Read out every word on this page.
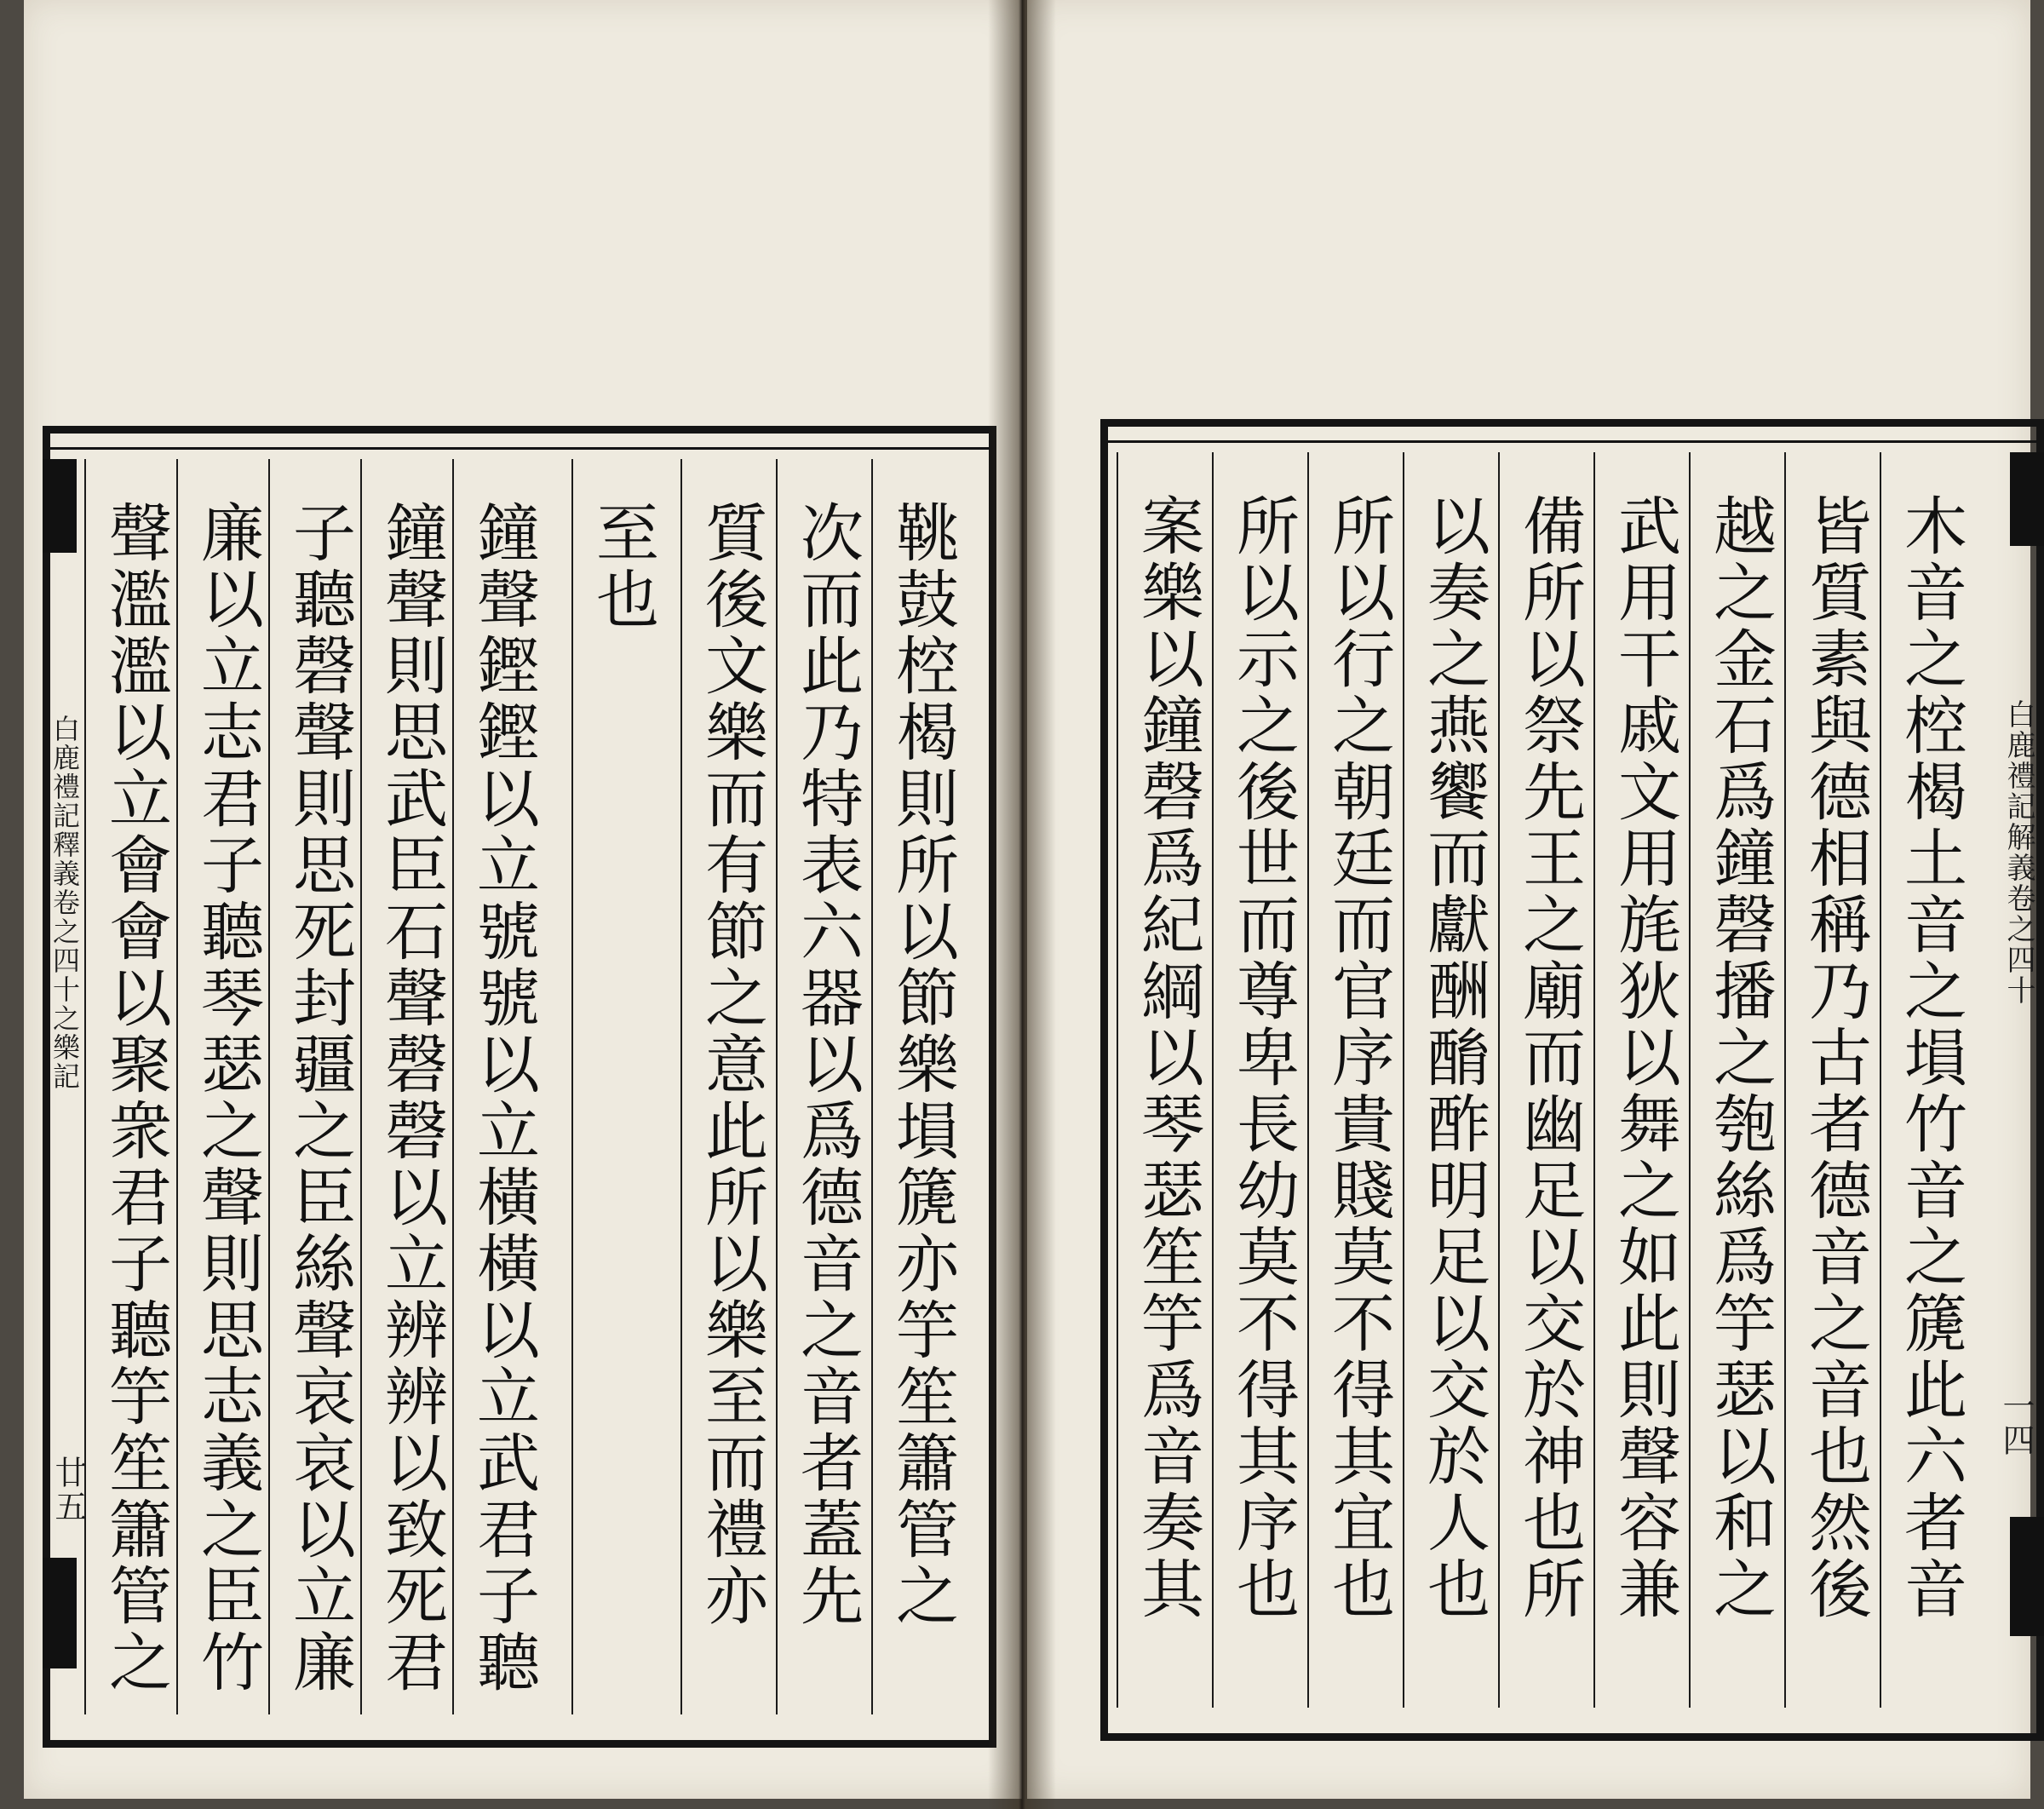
白鹿禮記釋義卷之四十之樂記
廿五 聲濫濫以立會會以聚衆君子聽竽笙簫管之 廉以立志君子聽琴瑟之聲則思志義之臣竹 子聽磬聲則思死封疆之臣絲聲哀哀以立廉 鐘聲則思武臣石聲磬磬以立辨辨以致死君 鐘聲鏗鏗以立號號以立橫橫以立武君子聽 至也 質後文樂而有節之意此所以樂至而禮亦 次而此乃特表六器以爲德音之音者蓋先 鞉鼓椌楬則所以節樂塤篪亦竽笙簫管之	案樂以鐘磬爲紀綱以琴瑟笙竽爲音奏其 所以示之後世而尊卑長幼莫不得其序也 所以行之朝廷而官序貴賤莫不得其宜也 以奏之燕饗而獻酬酳酢明足以交於人也 備所以祭先王之廟而幽足以交於神也所 武用干戚文用旄狄以舞之如此則聲容兼 越之金石爲鐘磬播之匏絲爲竽瑟以和之 皆質素與德相稱乃古者德音之音也然後 木音之椌楬土音之塤竹音之篪此六者音 白鹿禮記解義卷之四十
一四
